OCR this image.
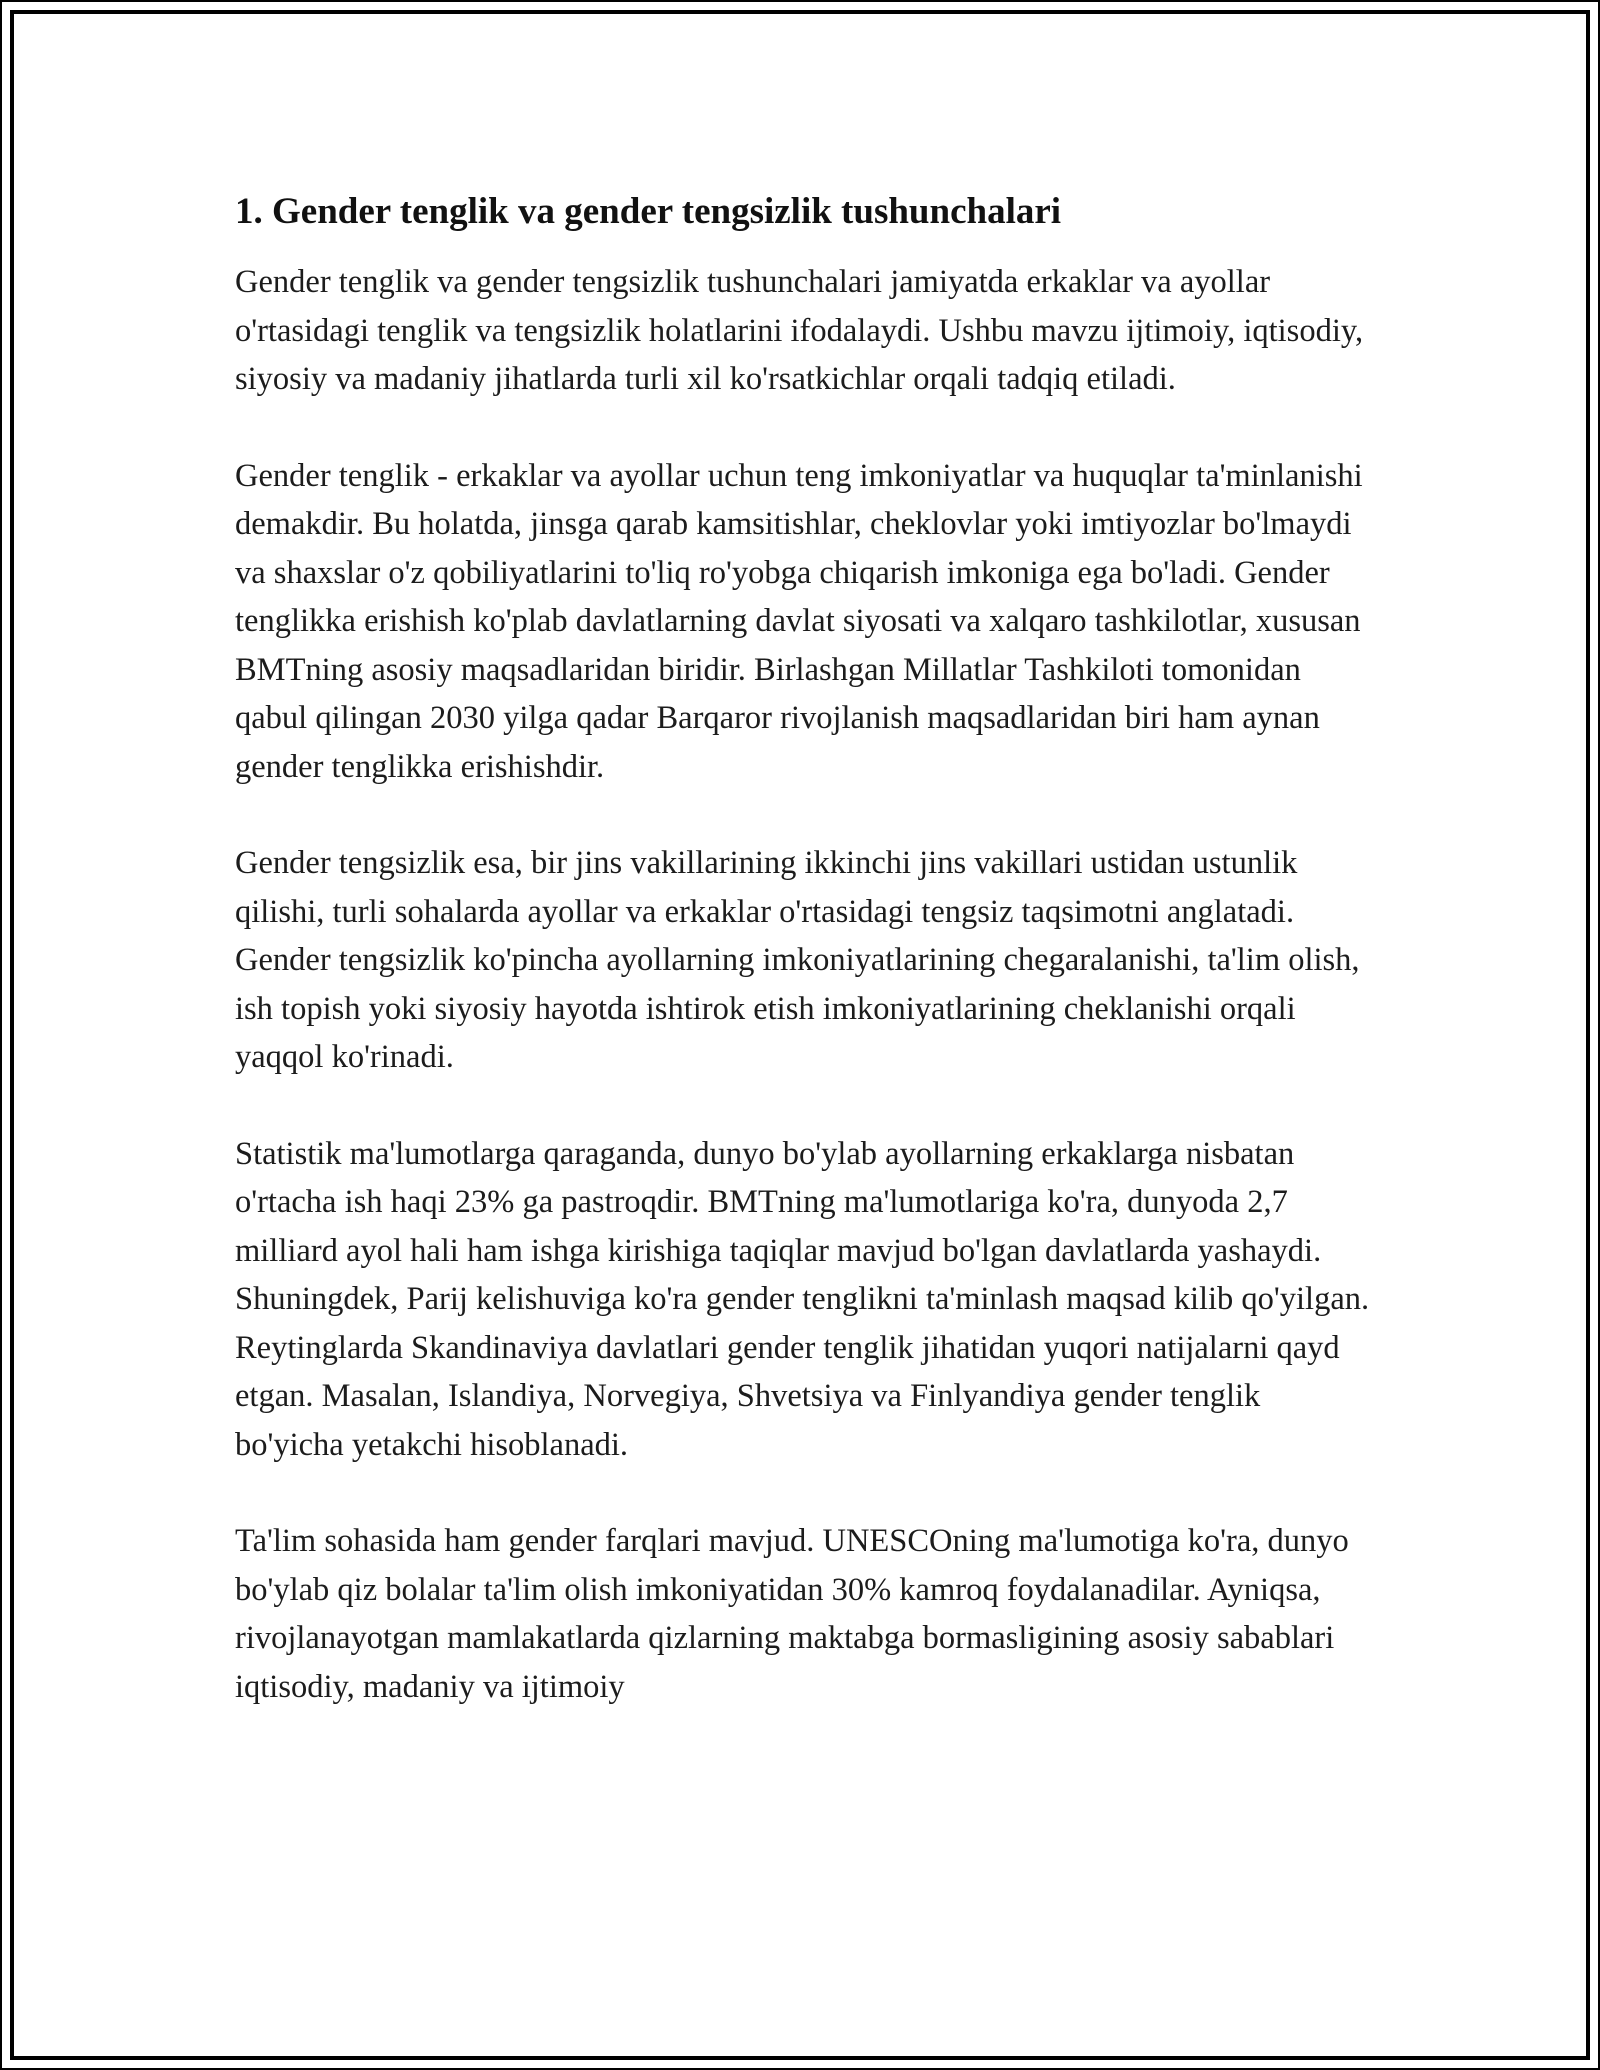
1. Gender tenglik va gender tengsizlik tushunchalari

Gender tenglik va gender tengsizlik tushunchalari jamiyatda erkaklar va ayollar o'rtasidagi tenglik va tengsizlik holatlarini ifodalaydi. Ushbu mavzu ijtimoiy, iqtisodiy, siyosiy va madaniy jihatlarda turli xil ko'rsatkichlar orqali tadqiq etiladi.

Gender tenglik - erkaklar va ayollar uchun teng imkoniyatlar va huquqlar ta'minlanishi demakdir. Bu holatda, jinsga qarab kamsitishlar, cheklovlar yoki imtiyozlar bo'lmaydi va shaxslar o'z qobiliyatlarini to'liq ro'yobga chiqarish imkoniga ega bo'ladi. Gender tenglikka erishish ko'plab davlatlarning davlat siyosati va xalqaro tashkilotlar, xususan BMTning asosiy maqsadlaridan biridir. Birlashgan Millatlar Tashkiloti tomonidan qabul qilingan 2030 yilga qadar Barqaror rivojlanish maqsadlaridan biri ham aynan gender tenglikka erishishdir.

Gender tengsizlik esa, bir jins vakillarining ikkinchi jins vakillari ustidan ustunlik qilishi, turli sohalarda ayollar va erkaklar o'rtasidagi tengsiz taqsimotni anglatadi. Gender tengsizlik ko'pincha ayollarning imkoniyatlarining chegaralanishi, ta'lim olish, ish topish yoki siyosiy hayotda ishtirok etish imkoniyatlarining cheklanishi orqali yaqqol ko'rinadi.

Statistik ma'lumotlarga qaraganda, dunyo bo'ylab ayollarning erkaklarga nisbatan o'rtacha ish haqi 23% ga pastroqdir. BMTning ma'lumotlariga ko'ra, dunyoda 2,7 milliard ayol hali ham ishga kirishiga taqiqlar mavjud bo'lgan davlatlarda yashaydi. Shuningdek, Parij kelishuviga ko'ra gender tenglikni ta'minlash maqsad kilib qo'yilgan. Reytinglarda Skandinaviya davlatlari gender tenglik jihatidan yuqori natijalarni qayd etgan. Masalan, Islandiya, Norvegiya, Shvetsiya va Finlyandiya gender tenglik bo'yicha yetakchi hisoblanadi.

Ta'lim sohasida ham gender farqlari mavjud. UNESCOning ma'lumotiga ko'ra, dunyo bo'ylab qiz bolalar ta'lim olish imkoniyatidan 30% kamroq foydalanadilar. Ayniqsa, rivojlanayotgan mamlakatlarda qizlarning maktabga bormasligining asosiy sabablari iqtisodiy, madaniy va ijtimoiy
